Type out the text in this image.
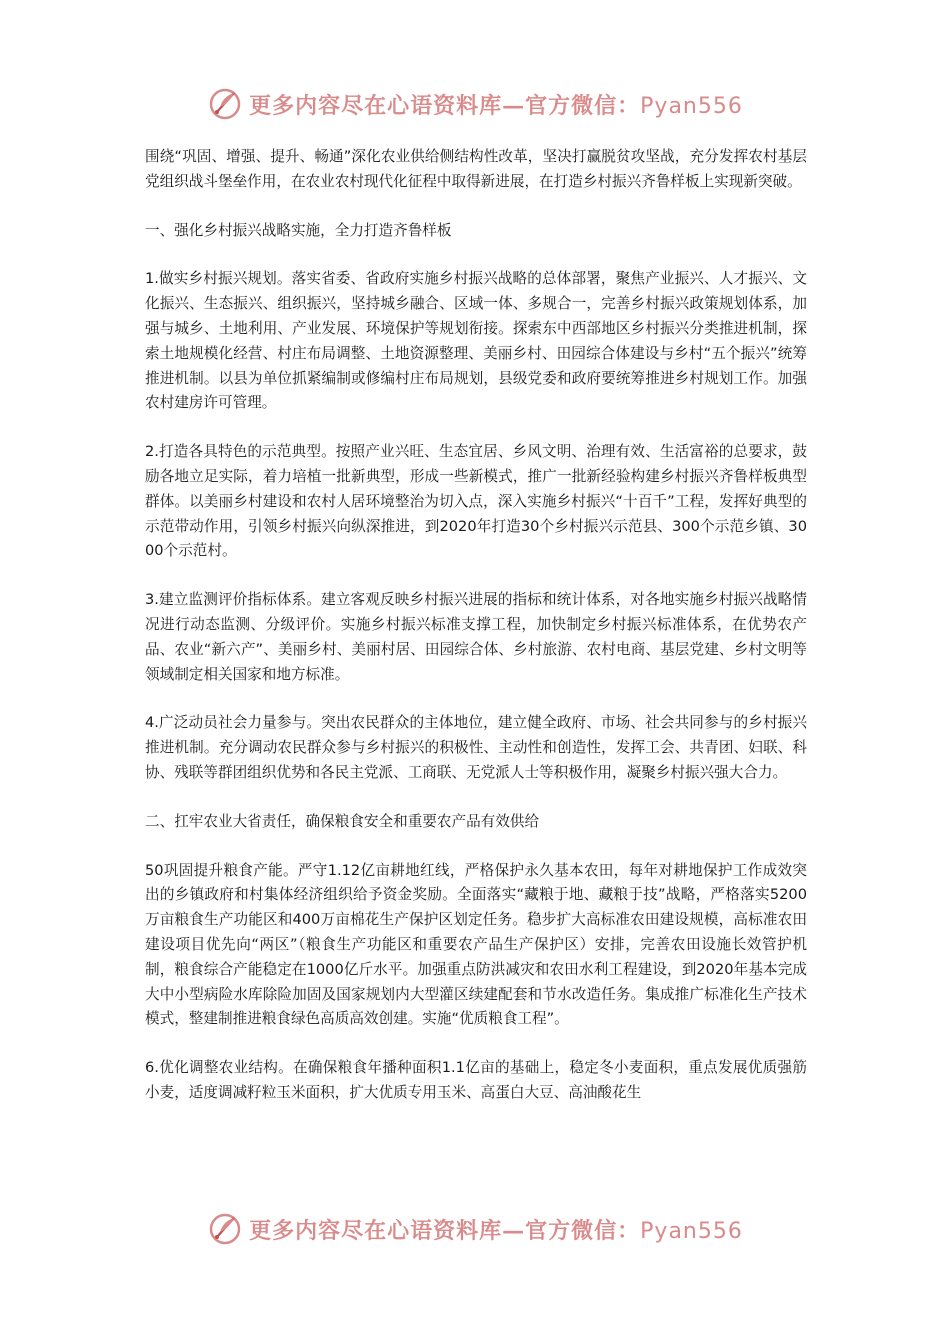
更多内容尽在心语资料库—官方微信：Pyan556

围绕“巩固、增强、提升、畅通”深化农业供给侧结构性改革，坚决打赢脱贫攻坚战，充分发挥农村基层党组织战斗堡垒作用，在农业农村现代化征程中取得新进展，在打造乡村振兴齐鲁样板上实现新突破。

一、强化乡村振兴战略实施，全力打造齐鲁样板

1.做实乡村振兴规划。落实省委、省政府实施乡村振兴战略的总体部署，聚焦产业振兴、人才振兴、文化振兴、生态振兴、组织振兴，坚持城乡融合、区域一体、多规合一，完善乡村振兴政策规划体系，加强与城乡、土地利用、产业发展、环境保护等规划衔接。探索东中西部地区乡村振兴分类推进机制，探索土地规模化经营、村庄布局调整、土地资源整理、美丽乡村、田园综合体建设与乡村“五个振兴”统筹推进机制。以县为单位抓紧编制或修编村庄布局规划，县级党委和政府要统筹推进乡村规划工作。加强农村建房许可管理。

2.打造各具特色的示范典型。按照产业兴旺、生态宜居、乡风文明、治理有效、生活富裕的总要求，鼓励各地立足实际，着力培植一批新典型，形成一些新模式，推广一批新经验构建乡村振兴齐鲁样板典型群体。以美丽乡村建设和农村人居环境整治为切入点，深入实施乡村振兴“十百千”工程，发挥好典型的示范带动作用，引领乡村振兴向纵深推进，到2020年打造30个乡村振兴示范县、300个示范乡镇、3000个示范村。

3.建立监测评价指标体系。建立客观反映乡村振兴进展的指标和统计体系，对各地实施乡村振兴战略情况进行动态监测、分级评价。实施乡村振兴标准支撑工程，加快制定乡村振兴标准体系，在优势农产品、农业“新六产”、美丽乡村、美丽村居、田园综合体、乡村旅游、农村电商、基层党建、乡村文明等领域制定相关国家和地方标准。

4.广泛动员社会力量参与。突出农民群众的主体地位，建立健全政府、市场、社会共同参与的乡村振兴推进机制。充分调动农民群众参与乡村振兴的积极性、主动性和创造性，发挥工会、共青团、妇联、科协、残联等群团组织优势和各民主党派、工商联、无党派人士等积极作用，凝聚乡村振兴强大合力。

二、扛牢农业大省责任，确保粮食安全和重要农产品有效供给

50巩固提升粮食产能。严守1.12亿亩耕地红线，严格保护永久基本农田，每年对耕地保护工作成效突出的乡镇政府和村集体经济组织给予资金奖励。全面落实“藏粮于地、藏粮于技”战略，严格落实5200万亩粮食生产功能区和400万亩棉花生产保护区划定任务。稳步扩大高标准农田建设规模，高标准农田建设项目优先向“两区”（粮食生产功能区和重要农产品生产保护区）安排，完善农田设施长效管护机制，粮食综合产能稳定在1000亿斤水平。加强重点防洪减灾和农田水利工程建设，到2020年基本完成大中小型病险水库除险加固及国家规划内大型灌区续建配套和节水改造任务。集成推广标准化生产技术模式，整建制推进粮食绿色高质高效创建。实施“优质粮食工程”。

6.优化调整农业结构。在确保粮食年播种面积1.1亿亩的基础上，稳定冬小麦面积，重点发展优质强筋小麦，适度调减籽粒玉米面积，扩大优质专用玉米、高蛋白大豆、高油酸花生

更多内容尽在心语资料库—官方微信：Pyan556
